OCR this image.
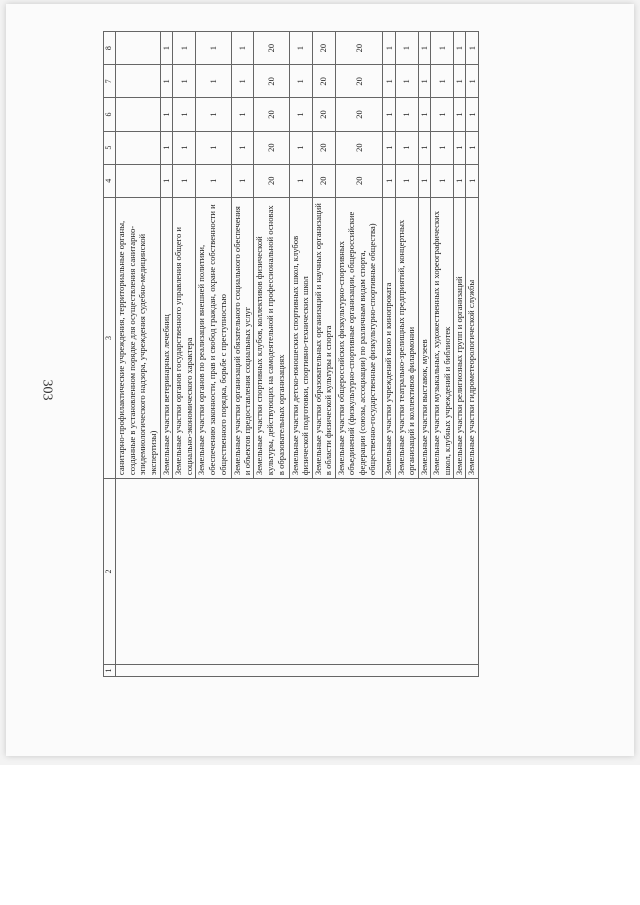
303
1	2	3	4	5	6	7	8
		санитарно-профилактические учреждения, территориальные органы, созданные в установленном порядке для осуществления санитарно-эпидемиологического надзора, учреждения судебно-медицинской экспертизы)					
		Земельные участки ветеринарных лечебниц	1	1	1	1	1
		Земельные участки органов государственного управления общего и социально-экономического характера	1	1	1	1	1
		Земельные участки органов по реализации внешней политики, обеспечению законности, прав и свобод граждан, охране собственности и общественного порядка, борьбе с преступностью	1	1	1	1	1
		Земельные участки организаций обязательного социального обеспечения и объектов предоставления социальных услуг	1	1	1	1	1
		Земельные участки спортивных клубов, коллективов физической культуры, действующих на самодеятельной и профессиональной основах в образовательных организациях	20	20	20	20	20
		Земельные участки детско-юношеских спортивных школ, клубов физической подготовки, спортивно-технических школ	1	1	1	1	1
		Земельные участки образовательных организаций и научных организаций в области физической культуры и спорта	20	20	20	20	20
		Земельные участки общероссийских физкультурно-спортивных объединений (физкультурно-спортивные организации, общероссийские федерации (союзы, ассоциации) по различным видам спорта, общественно-государственные физкультурно-спортивные общества)	20	20	20	20	20
		Земельные участки учреждений кино и кинопроката	1	1	1	1	1
		Земельные участки театрально-зрелищных предприятий, концертных организаций и коллективов филармонии	1	1	1	1	1
		Земельные участки выставок, музеев	1	1	1	1	1
		Земельные участки музыкальных, художественных и хореографических школ, клубных учреждений и библиотек	1	1	1	1	1
		Земельные участки религиозных групп и организаций	1	1	1	1	1
		Земельные участки гидрометеорологической службы	1	1	1	1	1
